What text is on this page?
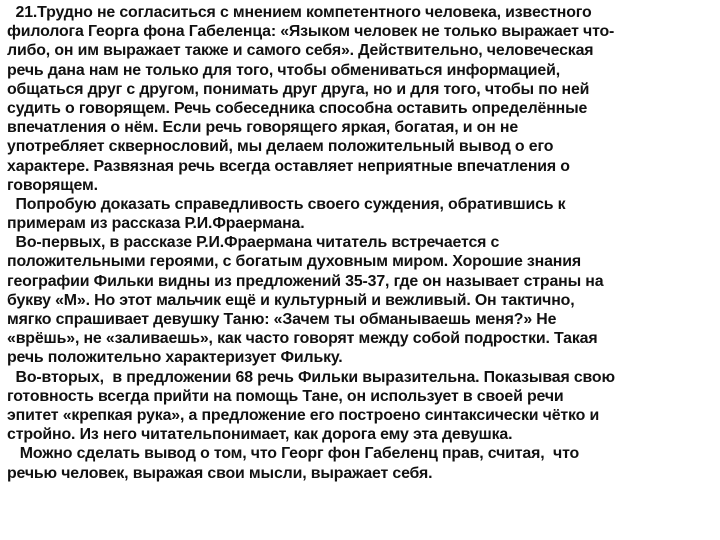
21.Трудно не согласиться с мнением компетентного человека, известного
филолога Георга фона Габеленца: «Языком человек не только выражает что-
либо, он им выражает также и самого себя». Действительно, человеческая
речь дана нам не только для того, чтобы обмениваться информацией,
общаться друг с другом, понимать друг друга, но и для того, чтобы по ней
судить о говорящем. Речь собеседника способна оставить определённые
впечатления о нём. Если речь говорящего яркая, богатая, и он не
употребляет сквернословий, мы делаем положительный вывод о его
характере. Развязная речь всегда оставляет неприятные впечатления о
говорящем.
Попробую доказать справедливость своего суждения, обратившись к
примерам из рассказа Р.И.Фраермана.
Во-первых, в рассказе Р.И.Фраермана читатель встречается с
положительными героями, с богатым духовным миром. Хорошие знания
географии Фильки видны из предложений 35-37, где он называет страны на
букву «М». Но этот мальчик ещё и культурный и вежливый. Он тактично,
мягко спрашивает девушку Таню: «Зачем ты обманываешь меня?» Не
«врёшь», не «заливаешь», как часто говорят между собой подростки. Такая
речь положительно характеризует Фильку.
Во-вторых,  в предложении 68 речь Фильки выразительна. Показывая свою
готовность всегда прийти на помощь Тане, он использует в своей речи
эпитет «крепкая рука», а предложение его построено синтаксически чётко и
стройно. Из него читательпонимает, как дорога ему эта девушка.
Можно сделать вывод о том, что Георг фон Габеленц прав, считая,  что
речью человек, выражая свои мысли, выражает себя.
